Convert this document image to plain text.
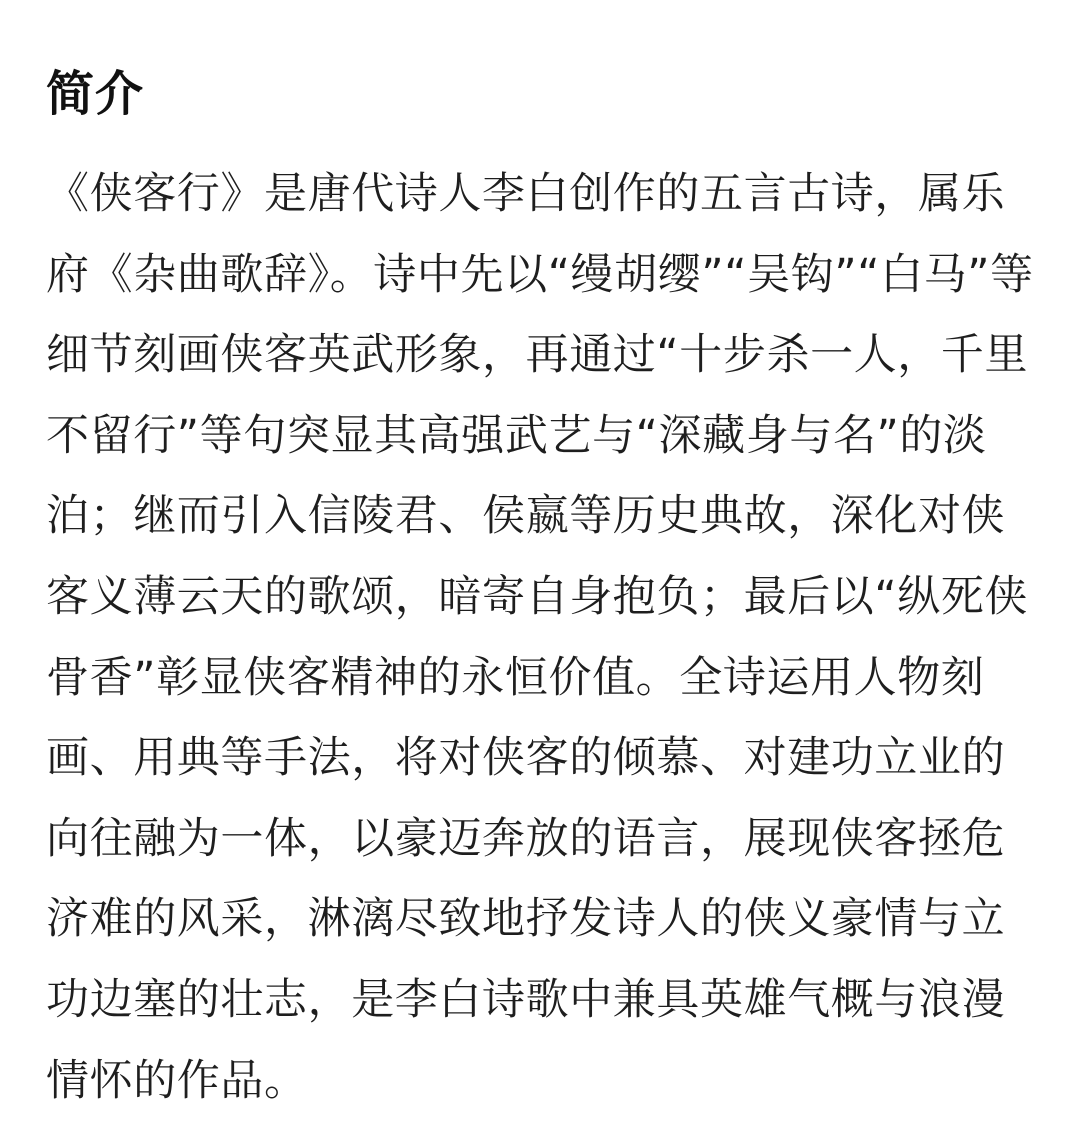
简介

《侠客行》是唐代诗人李白创作的五言古诗，属乐府《杂曲歌辞》。诗中先以“缦胡缨”“吴钩”“白马”等细节刻画侠客英武形象，再通过“十步杀一人，千里不留行”等句突显其高强武艺与“深藏身与名”的淡泊；继而引入信陵君、侯嬴等历史典故，深化对侠客义薄云天的歌颂，暗寄自身抱负；最后以“纵死侠骨香”彰显侠客精神的永恒价值。全诗运用人物刻画、用典等手法，将对侠客的倾慕、对建功立业的向往融为一体，以豪迈奔放的语言，展现侠客拯危济难的风采，淋漓尽致地抒发诗人的侠义豪情与立功边塞的壮志，是李白诗歌中兼具英雄气概与浪漫情怀的作品。
